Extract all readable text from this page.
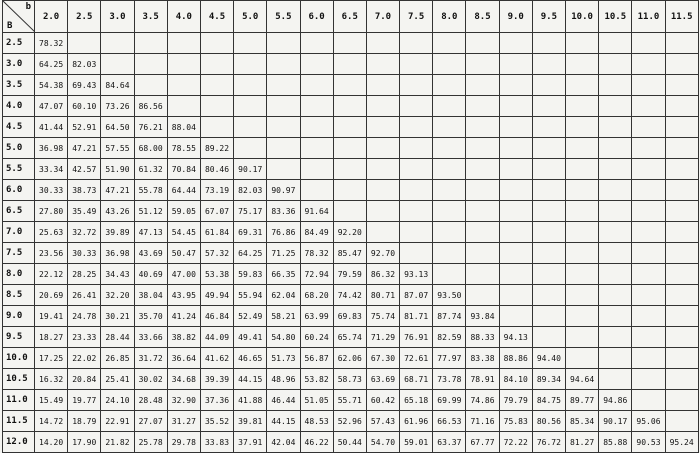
b
B	2.0	2.5	3.0	3.5	4.0	4.5	5.0	5.5	6.0	6.5	7.0	7.5	8.0	8.5	9.0	9.5	10.0	10.5	11.0	11.5
2.5	78.32																			
3.0	64.25	82.03																		
3.5	54.38	69.43	84.64																	
4.0	47.07	60.10	73.26	86.56																
4.5	41.44	52.91	64.50	76.21	88.04															
5.0	36.98	47.21	57.55	68.00	78.55	89.22														
5.5	33.34	42.57	51.90	61.32	70.84	80.46	90.17													
6.0	30.33	38.73	47.21	55.78	64.44	73.19	82.03	90.97												
6.5	27.80	35.49	43.26	51.12	59.05	67.07	75.17	83.36	91.64											
7.0	25.63	32.72	39.89	47.13	54.45	61.84	69.31	76.86	84.49	92.20										
7.5	23.56	30.33	36.98	43.69	50.47	57.32	64.25	71.25	78.32	85.47	92.70									
8.0	22.12	28.25	34.43	40.69	47.00	53.38	59.83	66.35	72.94	79.59	86.32	93.13								
8.5	20.69	26.41	32.20	38.04	43.95	49.94	55.94	62.04	68.20	74.42	80.71	87.07	93.50							
9.0	19.41	24.78	30.21	35.70	41.24	46.84	52.49	58.21	63.99	69.83	75.74	81.71	87.74	93.84						
9.5	18.27	23.33	28.44	33.66	38.82	44.09	49.41	54.80	60.24	65.74	71.29	76.91	82.59	88.33	94.13					
10.0	17.25	22.02	26.85	31.72	36.64	41.62	46.65	51.73	56.87	62.06	67.30	72.61	77.97	83.38	88.86	94.40				
10.5	16.32	20.84	25.41	30.02	34.68	39.39	44.15	48.96	53.82	58.73	63.69	68.71	73.78	78.91	84.10	89.34	94.64			
11.0	15.49	19.77	24.10	28.48	32.90	37.36	41.88	46.44	51.05	55.71	60.42	65.18	69.99	74.86	79.79	84.75	89.77	94.86		
11.5	14.72	18.79	22.91	27.07	31.27	35.52	39.81	44.15	48.53	52.96	57.43	61.96	66.53	71.16	75.83	80.56	85.34	90.17	95.06	
12.0	14.20	17.90	21.82	25.78	29.78	33.83	37.91	42.04	46.22	50.44	54.70	59.01	63.37	67.77	72.22	76.72	81.27	85.88	90.53	95.24
